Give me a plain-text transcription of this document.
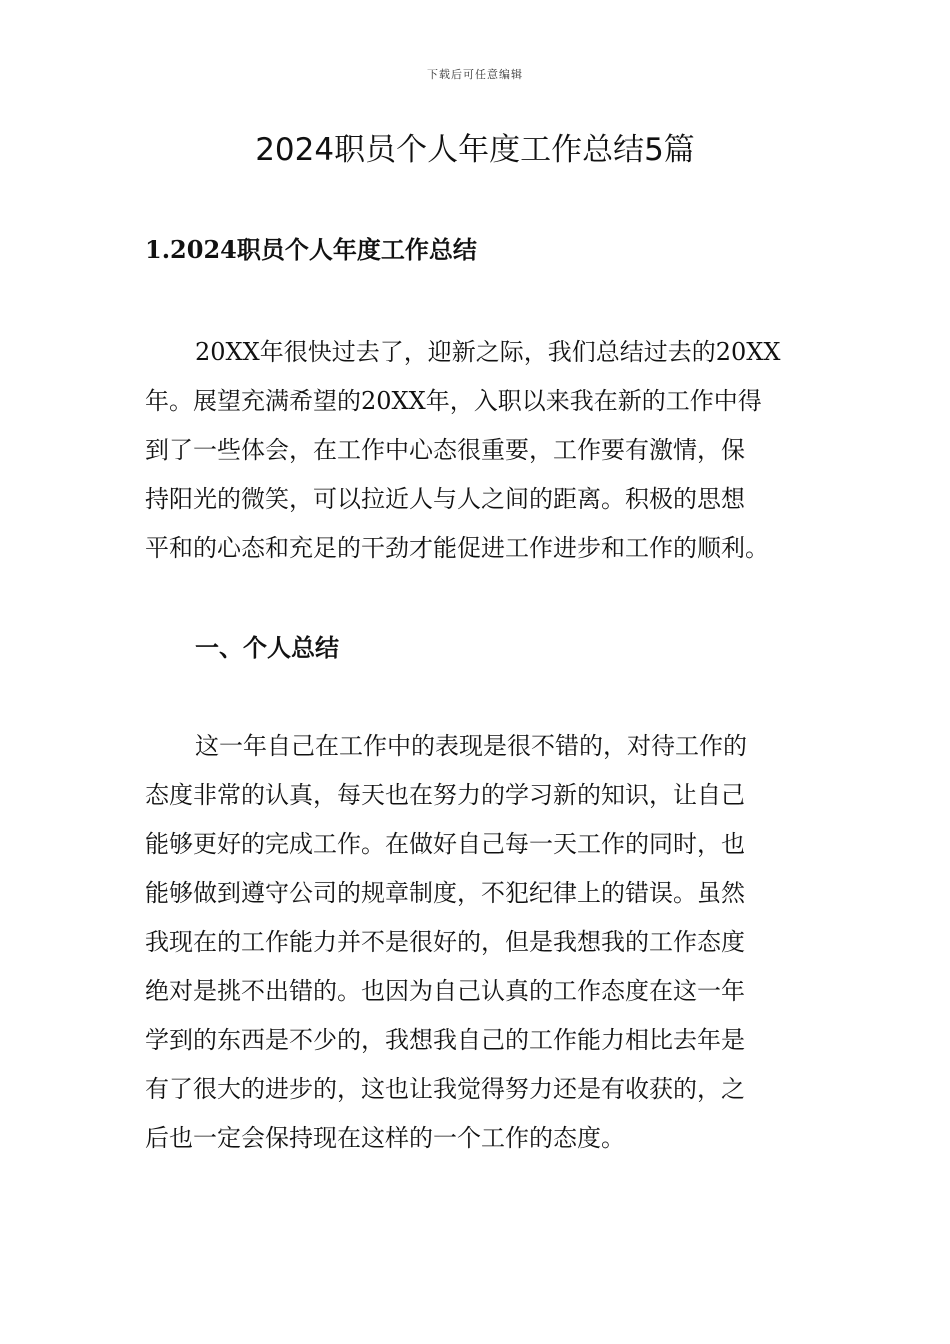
下载后可任意编辑
2024职员个人年度工作总结5篇
1.2024职员个人年度工作总结

20XX年很快过去了，迎新之际，我们总结过去的20XX
年。展望充满希望的20XX年，入职以来我在新的工作中得
到了一些体会，在工作中心态很重要，工作要有激情，保
持阳光的微笑，可以拉近人与人之间的距离。积极的思想
平和的心态和充足的干劲才能促进工作进步和工作的顺利。

一、个人总结

这一年自己在工作中的表现是很不错的，对待工作的
态度非常的认真，每天也在努力的学习新的知识，让自己
能够更好的完成工作。在做好自己每一天工作的同时，也
能够做到遵守公司的规章制度，不犯纪律上的错误。虽然
我现在的工作能力并不是很好的，但是我想我的工作态度
绝对是挑不出错的。也因为自己认真的工作态度在这一年
学到的东西是不少的，我想我自己的工作能力相比去年是
有了很大的进步的，这也让我觉得努力还是有收获的，之
后也一定会保持现在这样的一个工作的态度。
